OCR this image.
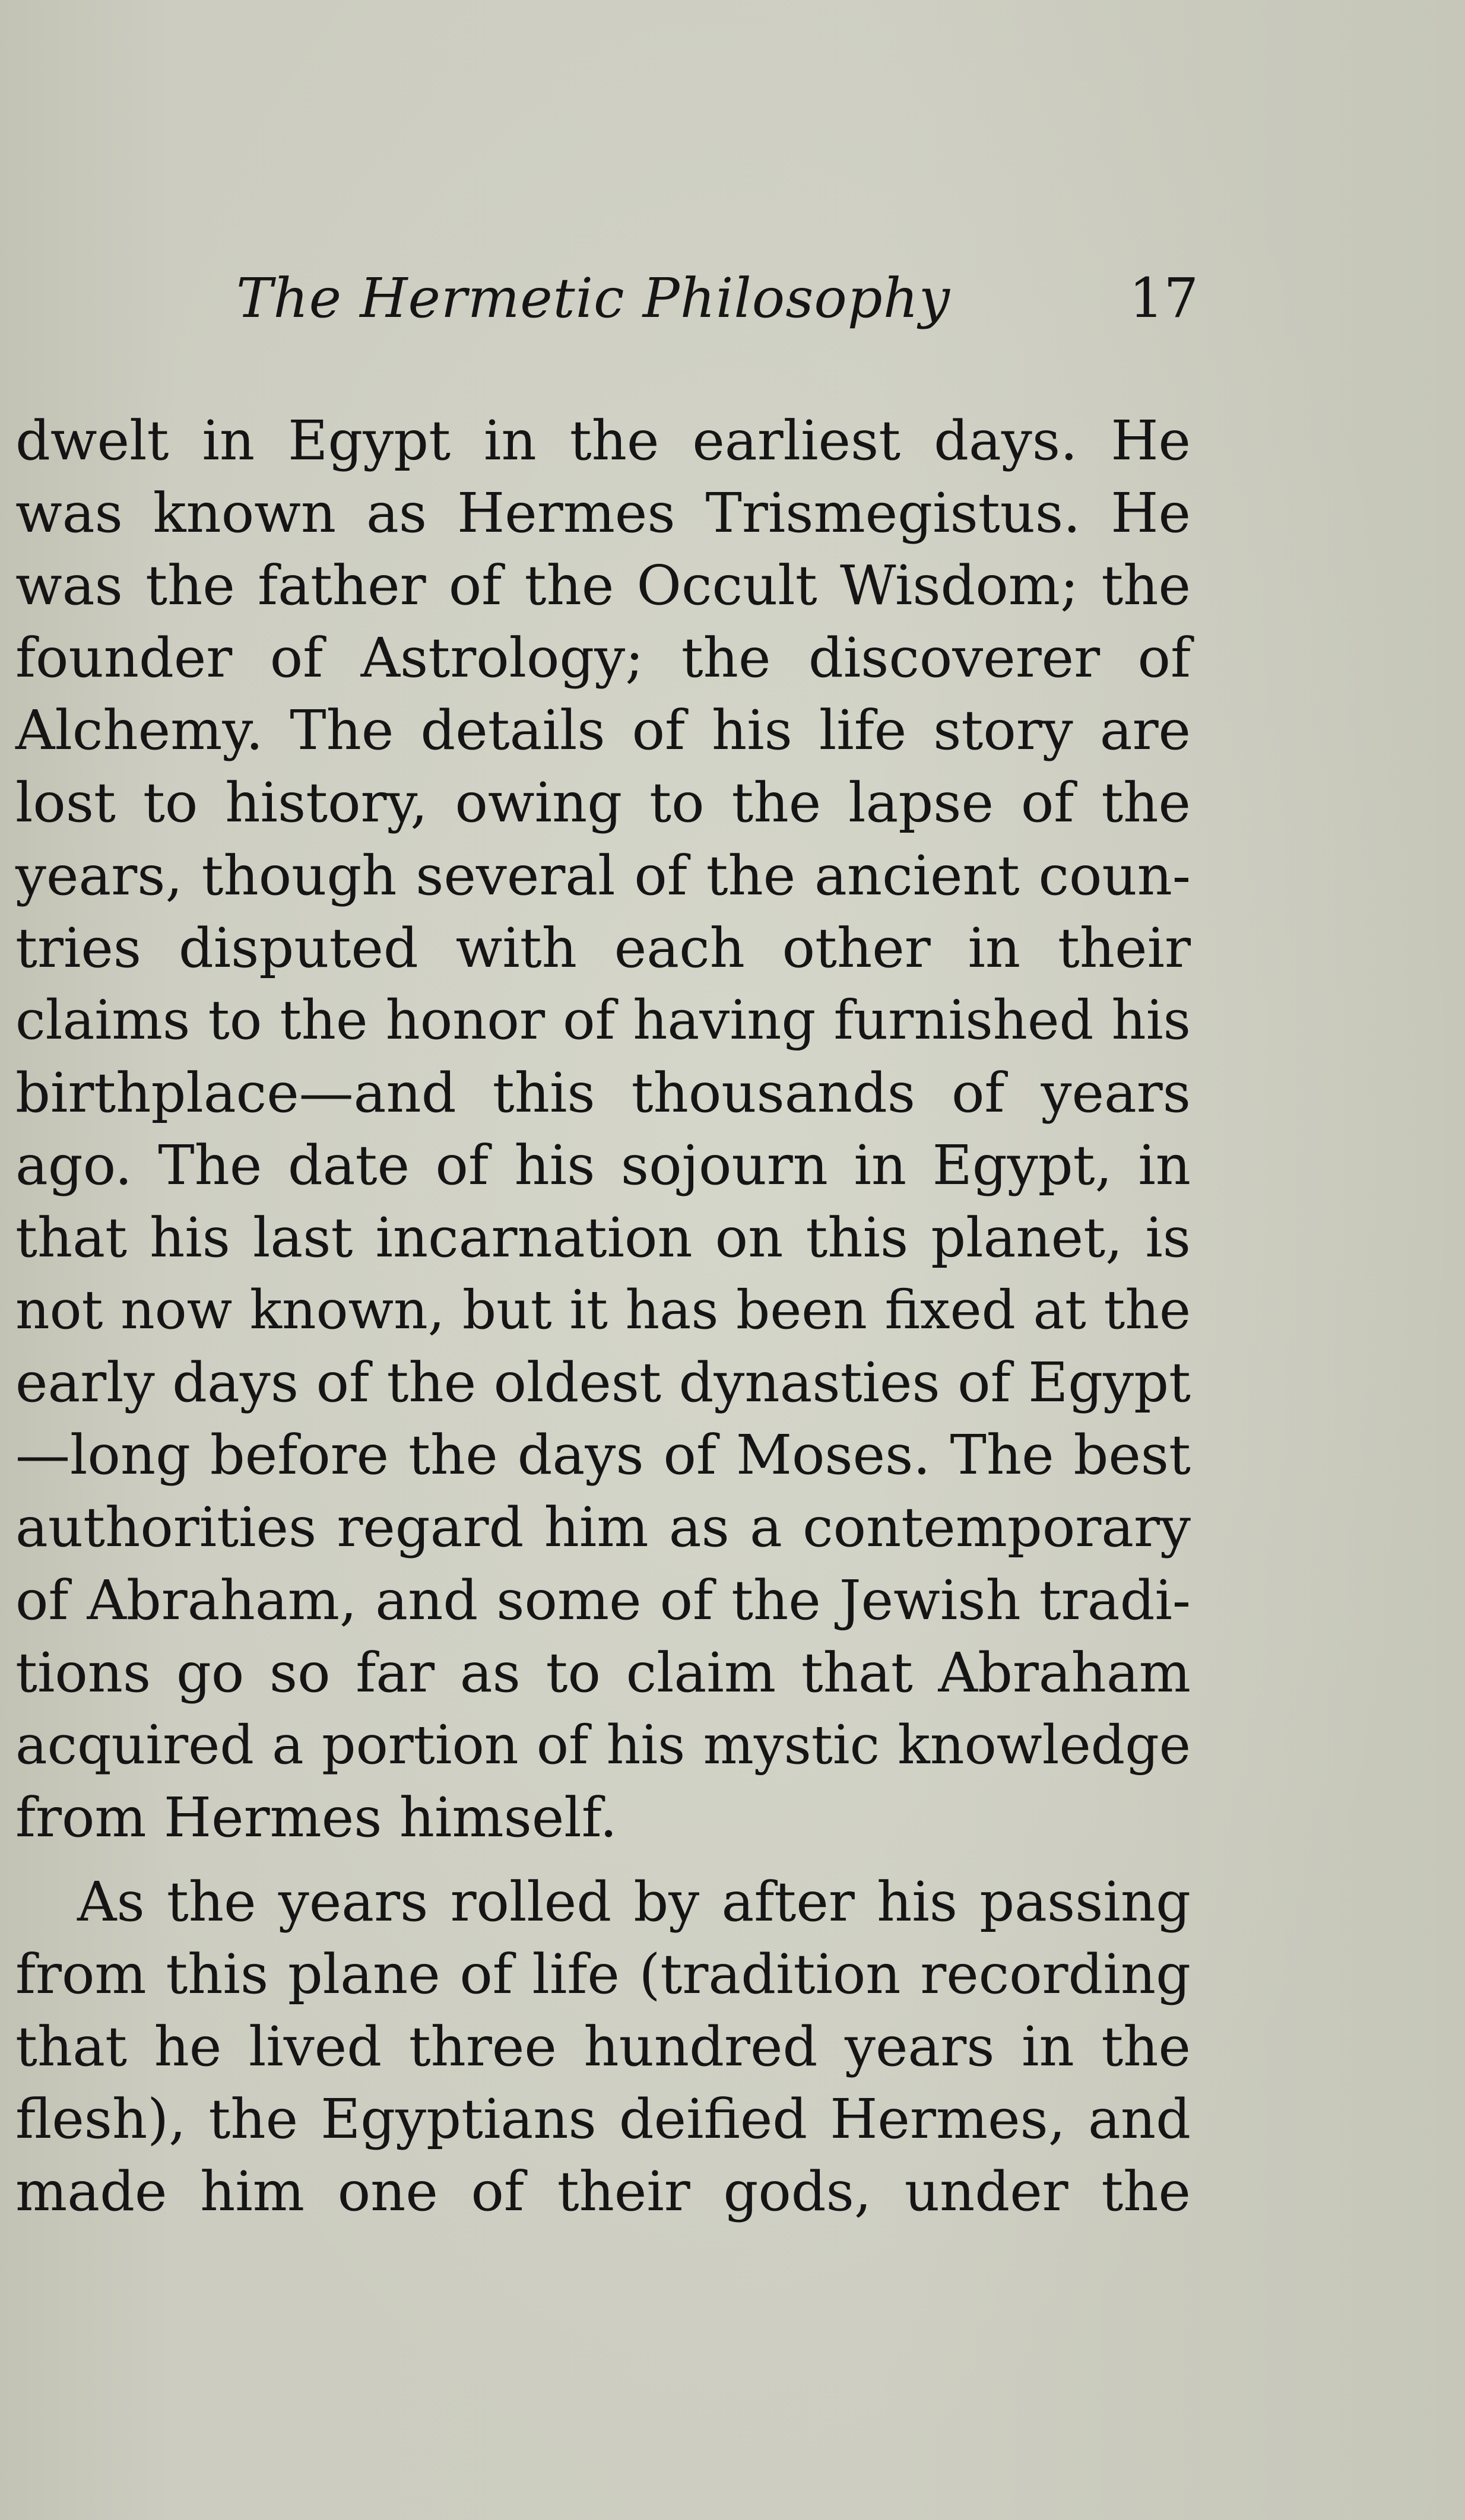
The Hermetic Philosophy	17
dwelt in Egypt in the earliest days. He
was known as Hermes Trismegistus. He
was the father of the Occult Wisdom; the
founder of Astrology; the discoverer of
Alchemy. The details of his life story are
lost to history, owing to the lapse of the
years, though several of the ancient coun-
tries disputed with each other in their
claims to the honor of having furnished his
birthplace—and this thousands of years
ago. The date of his sojourn in Egypt, in
that his last incarnation on this planet, is
not now known, but it has been fixed at the
early days of the oldest dynasties of Egypt
—long before the days of Moses. The best
authorities regard him as a contemporary
of Abraham, and some of the Jewish tradi-
tions go so far as to claim that Abraham
acquired a portion of his mystic knowledge
from Hermes himself.
As the years rolled by after his passing
from this plane of life (tradition recording
that he lived three hundred years in the
flesh), the Egyptians deified Hermes, and
made him one of their gods, under the
